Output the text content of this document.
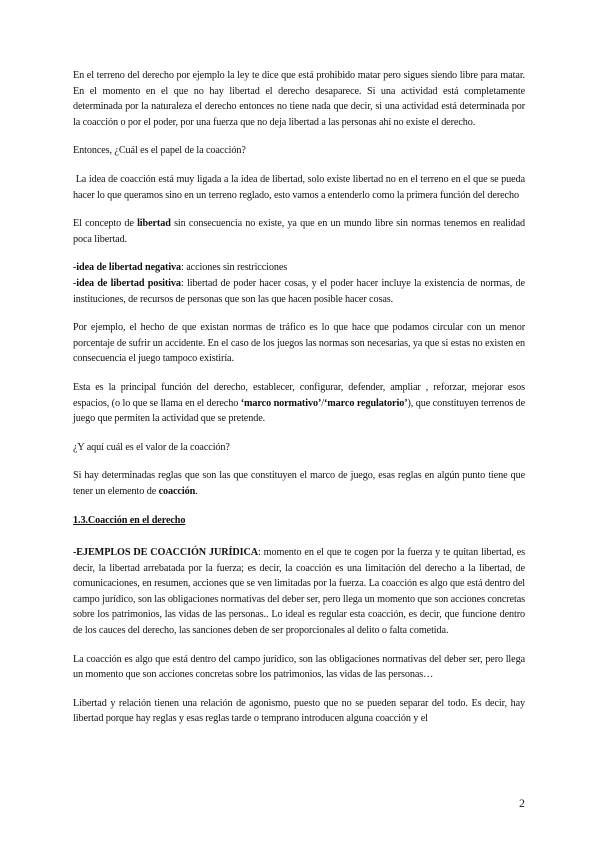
En el terreno del derecho por ejemplo la ley te dice que está prohibido matar pero sigues siendo libre para matar. En el momento en el que no hay libertad el derecho desaparece. Si una actividad está completamente determinada por la naturaleza el derecho entonces no tiene nada que decir, si una actividad está determinada por la coacción o por el poder, por una fuerza que no deja libertad a las personas ahí no existe el derecho.

Entonces, ¿Cuál es el papel de la coacción?

La idea de coacción está muy ligada a la idea de libertad, solo existe libertad no en el terreno en el que se pueda hacer lo que queramos sino en un terreno reglado, esto vamos a entenderlo como la primera función del derecho

El concepto de libertad sin consecuencia no existe, ya que en un mundo libre sin normas tenemos en realidad poca libertad.

-idea de libertad negativa: acciones sin restricciones
-idea de libertad positiva: libertad de poder hacer cosas, y el poder hacer incluye la existencia de normas, de instituciones, de recursos de personas que son las que hacen posible hacer cosas.

Por ejemplo, el hecho de que existan normas de tráfico es lo que hace que podamos circular con un menor porcentaje de sufrir un accidente. En el caso de los juegos las normas son necesarias, ya que si estas no existen en consecuencia el juego tampoco existiría.

Esta es la principal función del derecho, establecer, configurar, defender, ampliar , reforzar, mejorar esos espacios, (o lo que se llama en el derecho ‘marco normativo’/‘marco regulatorio’), que constituyen terrenos de juego que permiten la actividad que se pretende.

¿Y aquí cuál es el valor de la coacción?

Si hay determinadas reglas que son las que constituyen el marco de juego, esas reglas en algún punto tiene que tener un elemento de coacción.

1.3.Coacción en el derecho

-EJEMPLOS DE COACCIÓN JURÍDICA: momento en el que te cogen por la fuerza y te quitan libertad, es decir, la libertad arrebatada por la fuerza; es decir, la coacción es una limitación del derecho a la libertad, de comunicaciones, en resumen, acciones que se ven limitadas por la fuerza. La coacción es algo que está dentro del campo jurídico, son las obligaciones normativas del deber ser, pero llega un momento que son acciones concretas sobre los patrimonios, las vidas de las personas.. Lo ideal es regular esta coacción, es decir, que funcione dentro de los cauces del derecho, las sanciones deben de ser proporcionales al delito o falta cometida.

La coacción es algo que está dentro del campo jurídico, son las obligaciones normativas del deber ser, pero llega un momento que son acciones concretas sobre los patrimonios, las vidas de las personas…

Libertad y relación tienen una relación de agonismo, puesto que no se pueden separar del todo. Es decir, hay libertad porque hay reglas y esas reglas tarde o temprano introducen alguna coacción y el

2
